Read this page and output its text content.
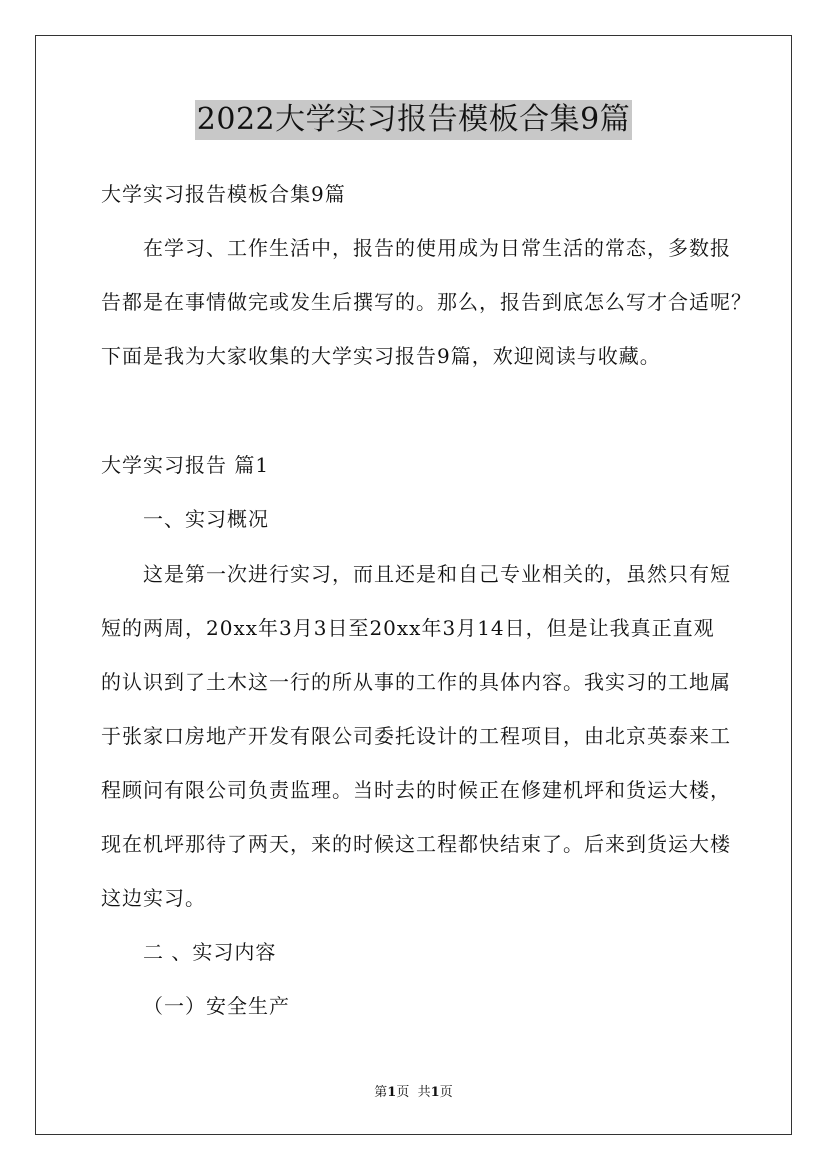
2022大学实习报告模板合集9篇
大学实习报告模板合集9篇
在学习、工作生活中，报告的使用成为日常生活的常态，多数报
告都是在事情做完或发生后撰写的。那么，报告到底怎么写才合适呢？
下面是我为大家收集的大学实习报告9篇，欢迎阅读与收藏。
大学实习报告 篇1
一、实习概况
这是第一次进行实习，而且还是和自己专业相关的，虽然只有短
短的两周，20xx年3月3日至20xx年3月14日，但是让我真正直观
的认识到了土木这一行的所从事的工作的具体内容。我实习的工地属
于张家口房地产开发有限公司委托设计的工程项目，由北京英泰来工
程顾问有限公司负责监理。当时去的时候正在修建机坪和货运大楼，
现在机坪那待了两天，来的时候这工程都快结束了。后来到货运大楼
这边实习。
二 、实习内容
（一）安全生产
第1页 共1页
